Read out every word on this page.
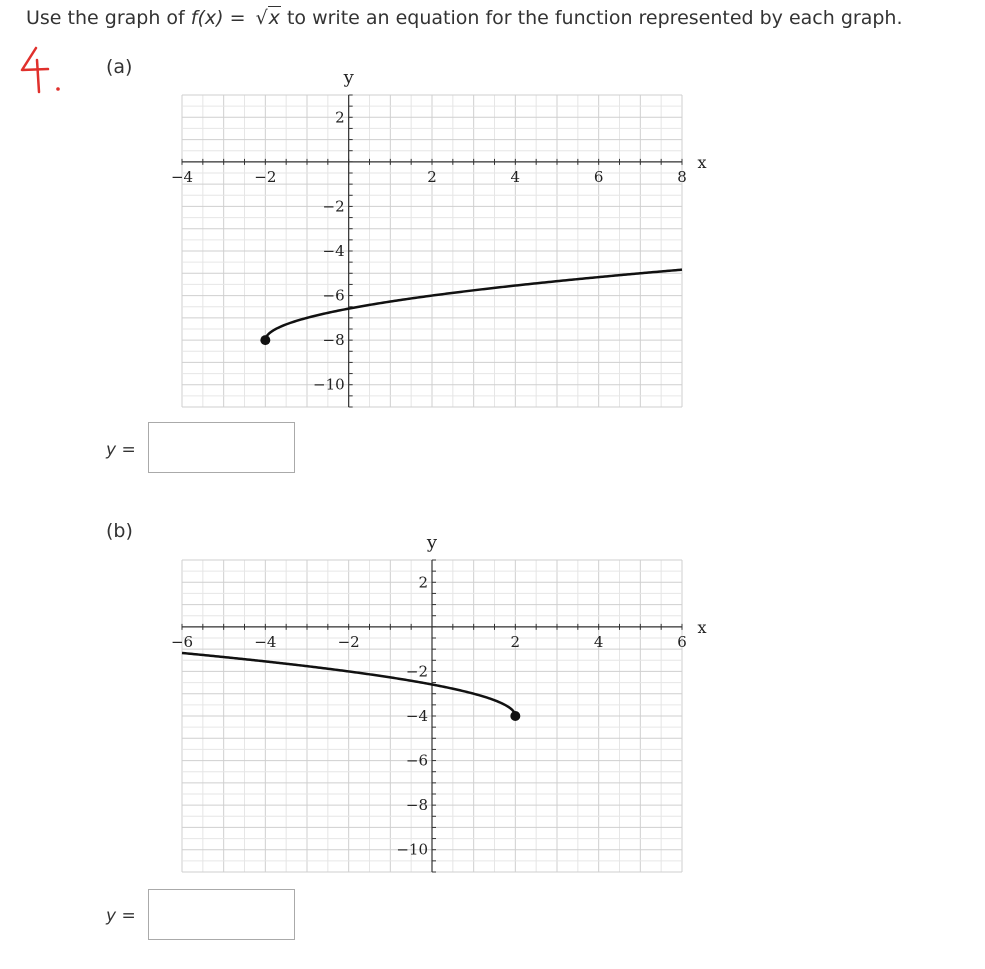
Use the graph of f(x) = √x to write an equation for the function represented by each graph.
4.
(a)
−4	−2	2	4	6	8
2
−2
−4
−6
−8
−10
x
y
y =
(b)
−6	−4	−2	2	4	6
2
−2
−4
−6
−8
−10
x
y
y =
